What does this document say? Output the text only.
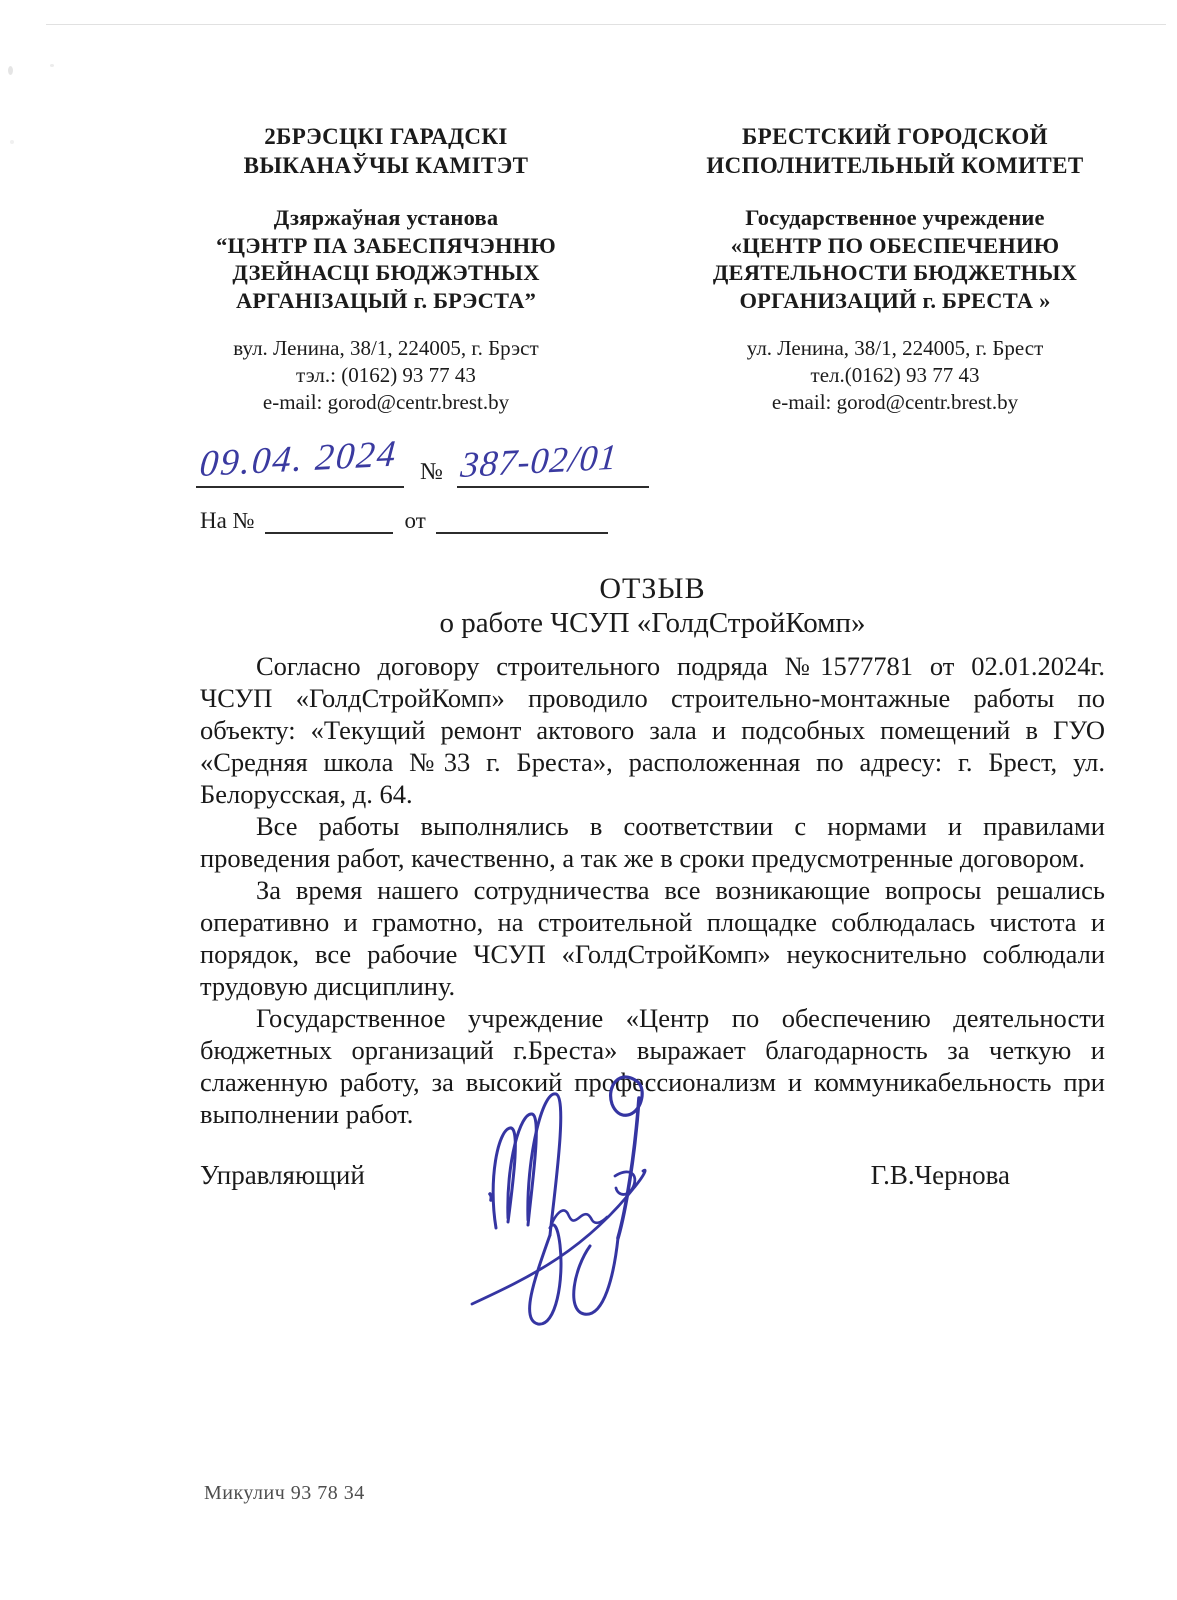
2БРЭСЦКІ ГАРАДСКІ
ВЫКАНАЎЧЫ КАМІТЭТ
Дзяржаўная установа
“ЦЭНТР ПА ЗАБЕСПЯЧЭННЮ
ДЗЕЙНАСЦІ БЮДЖЭТНЫХ
АРГАНІЗАЦЫЙ г. БРЭСТА”
вул. Ленина, 38/1, 224005, г. Брэст
тэл.: (0162) 93 77 43
e-mail: gorod@centr.brest.by
БРЕСТСКИЙ ГОРОДСКОЙ
ИСПОЛНИТЕЛЬНЫЙ КОМИТЕТ
Государственное учреждение
«ЦЕНТР ПО ОБЕСПЕЧЕНИЮ
ДЕЯТЕЛЬНОСТИ БЮДЖЕТНЫХ
ОРГАНИЗАЦИЙ г. БРЕСТА »
ул. Ленина, 38/1, 224005, г. Брест
тел.(0162) 93 77 43
e-mail: gorod@centr.brest.by
09.04. 2024 № 387-02/01
На №	от
ОТЗЫВ
о работе ЧСУП «ГолдСтройКомп»
Согласно договору строительного подряда №1577781 от 02.01.2024г. ЧСУП «ГолдСтройКомп» проводило строительно-монтажные работы по объекту: «Текущий ремонт актового зала и подсобных помещений в ГУО «Средняя школа №33 г. Бреста», расположенная по адресу: г. Брест, ул. Белорусская, д. 64.
Все работы выполнялись в соответствии с нормами и правилами проведения работ, качественно, а так же в сроки предусмотренные договором.
За время нашего сотрудничества все возникающие вопросы решались оперативно и грамотно, на строительной площадке соблюдалась чистота и порядок, все рабочие ЧСУП «ГолдСтройКомп» неукоснительно соблюдали трудовую дисциплину.
Государственное учреждение «Центр по обеспечению деятельности бюджетных организаций г.Бреста» выражает благодарность за четкую и слаженную работу, за высокий профессионализм и коммуникабельность при выполнении работ.
Управляющий	Г.В.Чернова
Микулич 93 78 34
